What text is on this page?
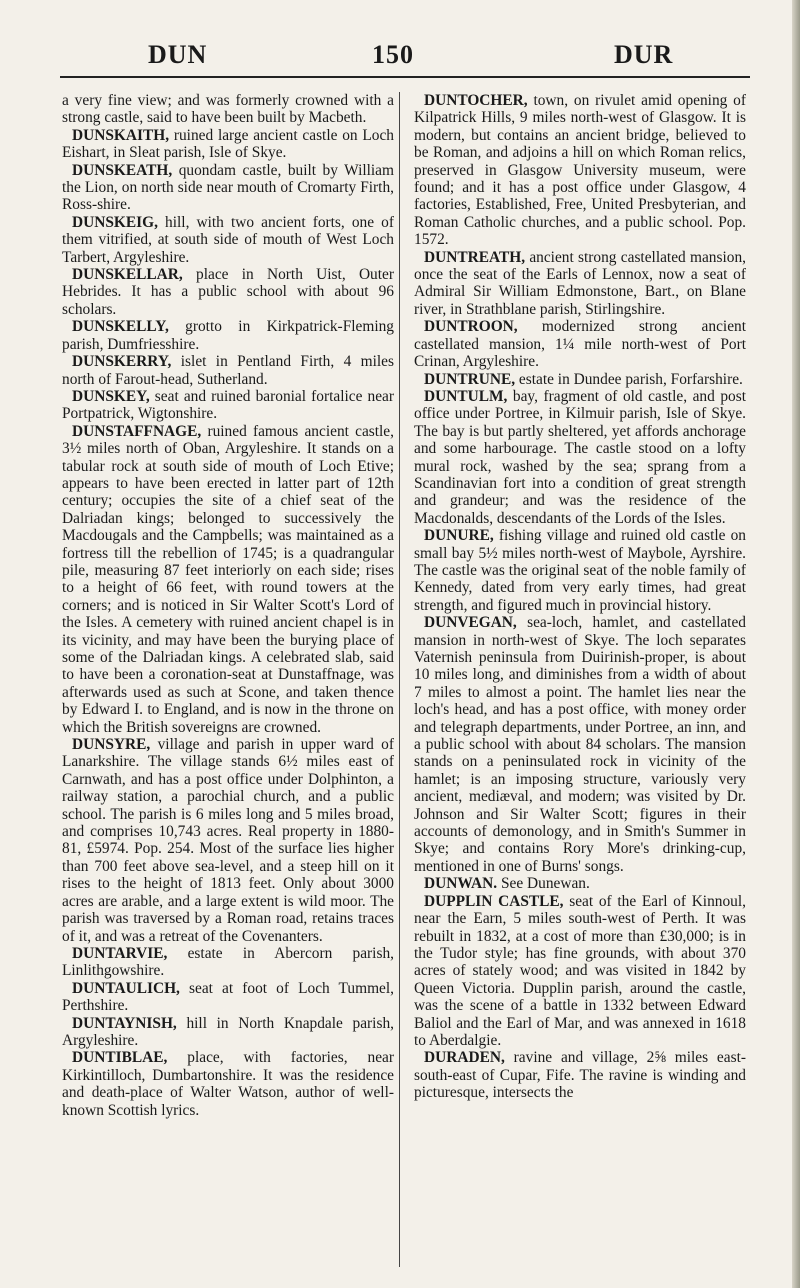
DUN	150	DUR

a very fine view; and was formerly crowned with a strong castle, said to have been built by Macbeth.

DUNSKAITH, ruined large ancient castle on Loch Eishart, in Sleat parish, Isle of Skye.

DUNSKEATH, quondam castle, built by William the Lion, on north side near mouth of Cromarty Firth, Ross-shire.

DUNSKEIG, hill, with two ancient forts, one of them vitrified, at south side of mouth of West Loch Tarbert, Argyleshire.

DUNSKELLAR, place in North Uist, Outer Hebrides. It has a public school with about 96 scholars.

DUNSKELLY, grotto in Kirkpatrick-Fleming parish, Dumfriesshire.

DUNSKERRY, islet in Pentland Firth, 4 miles north of Farout-head, Sutherland.

DUNSKEY, seat and ruined baronial fortalice near Portpatrick, Wigtonshire.

DUNSTAFFNAGE, ruined famous ancient castle, 3½ miles north of Oban, Argyleshire. It stands on a tabular rock at south side of mouth of Loch Etive; appears to have been erected in latter part of 12th century; occupies the site of a chief seat of the Dalriadan kings; belonged to successively the Macdougals and the Campbells; was maintained as a fortress till the rebellion of 1745; is a quadrangular pile, measuring 87 feet interiorly on each side; rises to a height of 66 feet, with round towers at the corners; and is noticed in Sir Walter Scott's Lord of the Isles. A cemetery with ruined ancient chapel is in its vicinity, and may have been the burying place of some of the Dalriadan kings. A celebrated slab, said to have been a coronation-seat at Dunstaffnage, was afterwards used as such at Scone, and taken thence by Edward I. to England, and is now in the throne on which the British sovereigns are crowned.

DUNSYRE, village and parish in upper ward of Lanarkshire. The village stands 6½ miles east of Carnwath, and has a post office under Dolphinton, a railway station, a parochial church, and a public school. The parish is 6 miles long and 5 miles broad, and comprises 10,743 acres. Real property in 1880-81, £5974. Pop. 254. Most of the surface lies higher than 700 feet above sea-level, and a steep hill on it rises to the height of 1813 feet. Only about 3000 acres are arable, and a large extent is wild moor. The parish was traversed by a Roman road, retains traces of it, and was a retreat of the Covenanters.

DUNTARVIE, estate in Abercorn parish, Linlithgowshire.

DUNTAULICH, seat at foot of Loch Tummel, Perthshire.

DUNTAYNISH, hill in North Knapdale parish, Argyleshire.

DUNTIBLAE, place, with factories, near Kirkintilloch, Dumbartonshire. It was the residence and death-place of Walter Watson, author of well-known Scottish lyrics.

DUNTOCHER, town, on rivulet amid opening of Kilpatrick Hills, 9 miles north-west of Glasgow. It is modern, but contains an ancient bridge, believed to be Roman, and adjoins a hill on which Roman relics, preserved in Glasgow University museum, were found; and it has a post office under Glasgow, 4 factories, Established, Free, United Presbyterian, and Roman Catholic churches, and a public school. Pop. 1572.

DUNTREATH, ancient strong castellated mansion, once the seat of the Earls of Lennox, now a seat of Admiral Sir William Edmonstone, Bart., on Blane river, in Strathblane parish, Stirlingshire.

DUNTROON, modernized strong ancient castellated mansion, 1¼ mile north-west of Port Crinan, Argyleshire.

DUNTRUNE, estate in Dundee parish, Forfarshire.

DUNTULM, bay, fragment of old castle, and post office under Portree, in Kilmuir parish, Isle of Skye. The bay is but partly sheltered, yet affords anchorage and some harbourage. The castle stood on a lofty mural rock, washed by the sea; sprang from a Scandinavian fort into a condition of great strength and grandeur; and was the residence of the Macdonalds, descendants of the Lords of the Isles.

DUNURE, fishing village and ruined old castle on small bay 5½ miles north-west of Maybole, Ayrshire. The castle was the original seat of the noble family of Kennedy, dated from very early times, had great strength, and figured much in provincial history.

DUNVEGAN, sea-loch, hamlet, and castellated mansion in north-west of Skye. The loch separates Vaternish peninsula from Duirinish-proper, is about 10 miles long, and diminishes from a width of about 7 miles to almost a point. The hamlet lies near the loch's head, and has a post office, with money order and telegraph departments, under Portree, an inn, and a public school with about 84 scholars. The mansion stands on a peninsulated rock in vicinity of the hamlet; is an imposing structure, variously very ancient, mediæval, and modern; was visited by Dr. Johnson and Sir Walter Scott; figures in their accounts of demonology, and in Smith's Summer in Skye; and contains Rory More's drinking-cup, mentioned in one of Burns' songs.

DUNWAN. See Dunewan.

DUPPLIN CASTLE, seat of the Earl of Kinnoul, near the Earn, 5 miles south-west of Perth. It was rebuilt in 1832, at a cost of more than £30,000; is in the Tudor style; has fine grounds, with about 370 acres of stately wood; and was visited in 1842 by Queen Victoria. Dupplin parish, around the castle, was the scene of a battle in 1332 between Edward Baliol and the Earl of Mar, and was annexed in 1618 to Aberdalgie.

DURADEN, ravine and village, 2⅝ miles east-south-east of Cupar, Fife. The ravine is winding and picturesque, intersects the
